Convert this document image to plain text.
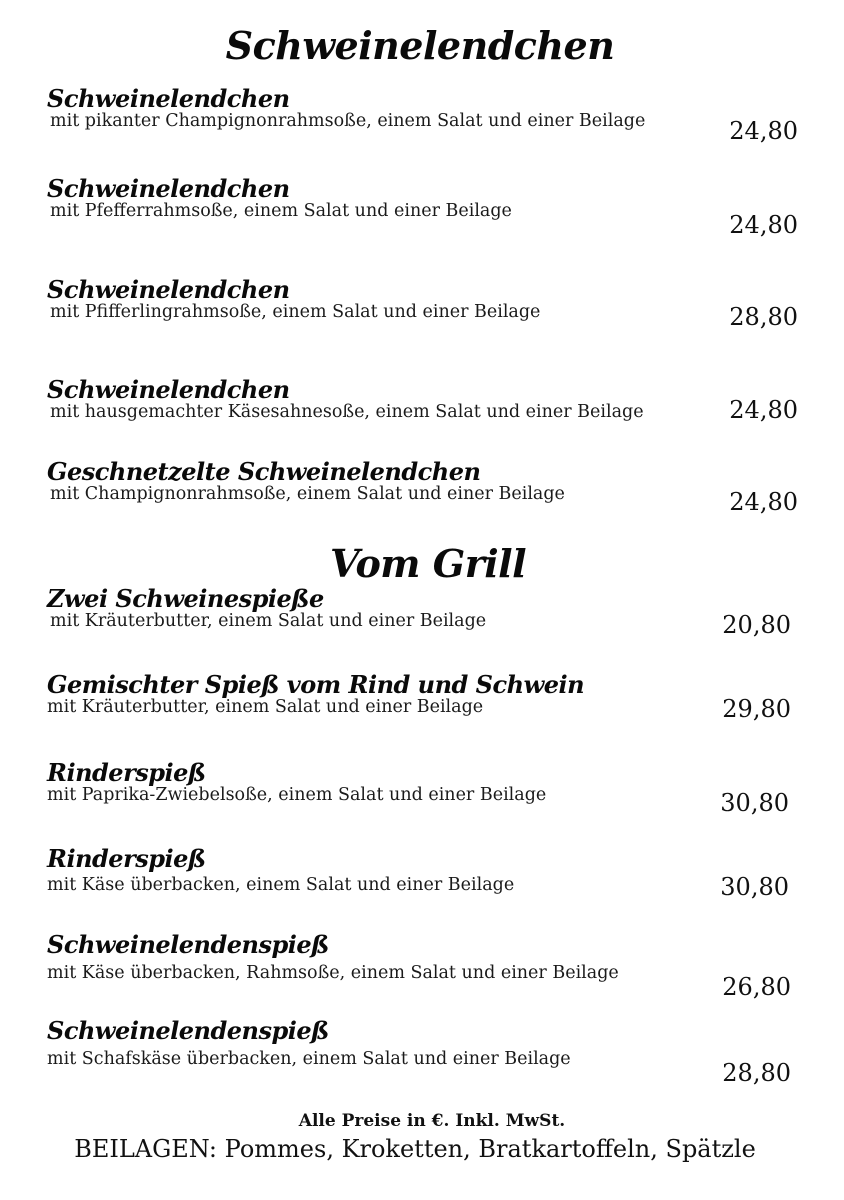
Schweinelendchen
Schweinelendchen
mit pikanter Champignonrahmsoße, einem Salat und einer Beilage	24,80
Schweinelendchen
mit Pfefferrahmsoße, einem Salat und einer Beilage	24,80
Schweinelendchen
mit Pfifferlingrahmsoße, einem Salat und einer Beilage	28,80
Schweinelendchen
mit hausgemachter Käsesahnesoße, einem Salat und einer Beilage	24,80
Geschnetzelte Schweinelendchen
mit Champignonrahmsoße, einem Salat und einer Beilage	24,80
Vom Grill
Zwei Schweinespieße
mit Kräuterbutter, einem Salat und einer Beilage	20,80
Gemischter Spieß vom Rind und Schwein
mit Kräuterbutter, einem Salat und einer Beilage	29,80
Rinderspieß
mit Paprika-Zwiebelsoße, einem Salat und einer Beilage	30,80
Rinderspieß
mit Käse überbacken, einem Salat und einer Beilage	30,80
Schweinelendenspieß
mit Käse überbacken, Rahmsoße, einem Salat und einer Beilage	26,80
Schweinelendenspieß
mit Schafskäse überbacken, einem Salat und einer Beilage	28,80
Alle Preise in €. Inkl. MwSt.
BEILAGEN: Pommes, Kroketten, Bratkartoffeln, Spätzle
